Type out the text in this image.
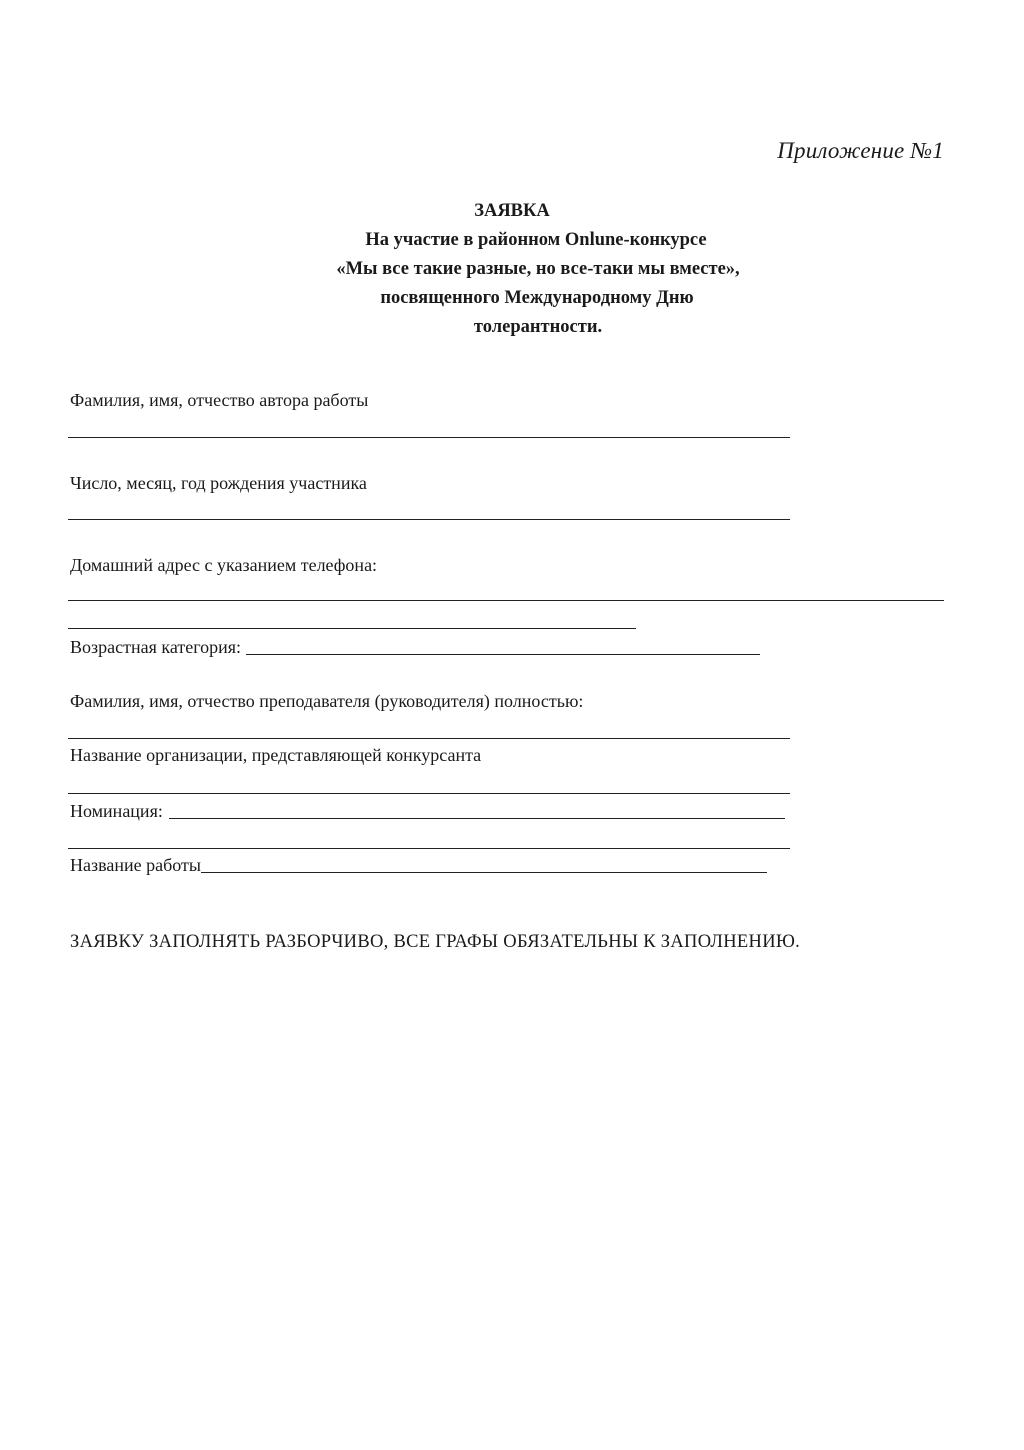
Приложение №1
ЗАЯВКА
На участие в районном Onlune-конкурсе
«Мы все такие разные, но все-таки мы вместе»,
посвященного Международному Дню
толерантности.
Фамилия, имя, отчество автора работы
Число, месяц, год рождения участника
Домашний адрес с указанием телефона:
Возрастная категория:
Фамилия, имя, отчество преподавателя (руководителя) полностью:
Название организации, представляющей конкурсанта
Номинация:
Название работы
ЗАЯВКУ ЗАПОЛНЯТЬ РАЗБОРЧИВО, ВСЕ ГРАФЫ ОБЯЗАТЕЛЬНЫ К ЗАПОЛНЕНИЮ.
